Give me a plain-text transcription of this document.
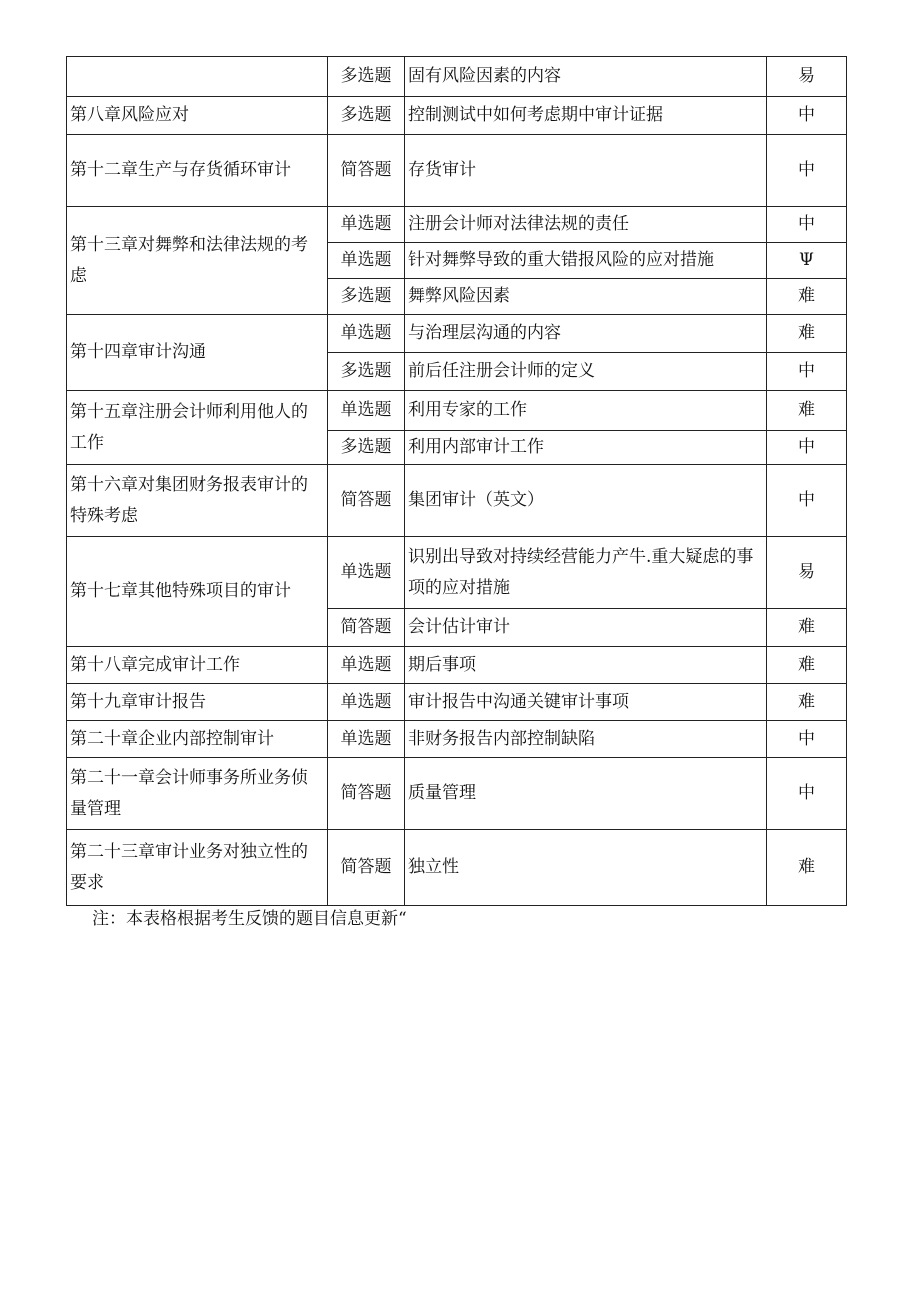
	多选题	固有风险因素的内容	易
第八章风险应对	多选题	控制测试中如何考虑期中审计证据	中
第十二章生产与存货循环审计	简答题	存货审计	中
第十三章对舞弊和法律法规的考虑	单选题	注册会计师对法律法规的责任	中
	单选题	针对舞弊导致的重大错报风险的应对措施	Ψ
	多选题	舞弊风险因素	难
第十四章审计沟通	单选题	与治理层沟通的内容	难
	多选题	前后任注册会计师的定义	中
第十五章注册会计师利用他人的工作	单选题	利用专家的工作	难
	多选题	利用内部审计工作	中
第十六章对集团财务报表审计的特殊考虑	简答题	集团审计（英文）	中
第十七章其他特殊项目的审计	单选题	识别出导致对持续经营能力产牛.重大疑虑的事项的应对措施	易
	简答题	会计估计审计	难
第十八章完成审计工作	单选题	期后事项	难
第十九章审计报告	单选题	审计报告中沟通关键审计事项	难
第二十章企业内部控制审计	单选题	非财务报告内部控制缺陷	中
第二十一章会计师事务所业务侦量管理	简答题	质量管理	中
第二十三章审计业务对独立性的要求	简答题	独立性	难
注：本表格根据考生反馈的题目信息更新“
